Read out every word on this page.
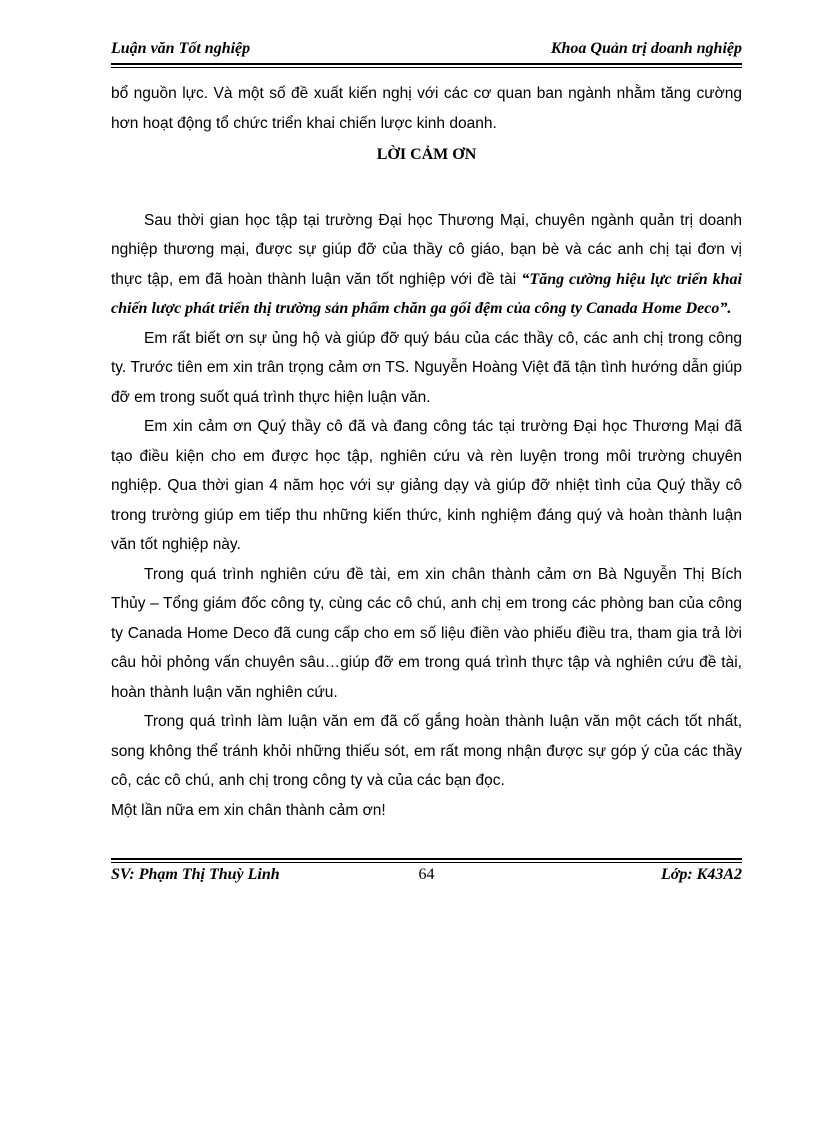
Luận văn Tốt nghiệp	Khoa Quản trị doanh nghiệp

bổ nguồn lực. Và một số đề xuất kiến nghị với các cơ quan ban ngành nhằm tăng cường hơn hoạt động tổ chức triển khai chiến lược kinh doanh.

LỜI CẢM ƠN

Sau thời gian học tập tại trường Đại học Thương Mại, chuyên ngành quản trị doanh nghiệp thương mại, được sự giúp đỡ của thầy cô giáo, bạn bè và các anh chị tại đơn vị thực tập, em đã hoàn thành luận văn tốt nghiệp với đề tài “Tăng cường hiệu lực triển khai chiến lược phát triển thị trường sản phẩm chăn ga gối đệm của công ty Canada Home Deco”.

Em rất biết ơn sự ủng hộ và giúp đỡ quý báu của các thầy cô, các anh chị trong công ty. Trước tiên em xin trân trọng cảm ơn TS. Nguyễn Hoàng Việt đã tận tình hướng dẫn giúp đỡ em trong suốt quá trình thực hiện luận văn.

Em xin cảm ơn Quý thầy cô đã và đang công tác tại trường Đại học Thương Mại đã tạo điều kiện cho em được học tập, nghiên cứu và rèn luyện trong môi trường chuyên nghiệp. Qua thời gian 4 năm học với sự giảng dạy và giúp đỡ nhiệt tình của Quý thầy cô trong trường giúp em tiếp thu những kiến thức, kinh nghiệm đáng quý và hoàn thành luận văn tốt nghiệp này.

Trong quá trình nghiên cứu đề tài, em xin chân thành cảm ơn Bà Nguyễn Thị Bích Thủy – Tổng giám đốc công ty, cùng các cô chú, anh chị em trong các phòng ban của công ty Canada Home Deco đã cung cấp cho em số liệu điền vào phiếu điều tra, tham gia trả lời câu hỏi phỏng vấn chuyên sâu…giúp đỡ em trong quá trình thực tập và nghiên cứu đề tài, hoàn thành luận văn nghiên cứu.

Trong quá trình làm luận văn em đã cố gắng hoàn thành luận văn một cách tốt nhất, song không thể tránh khỏi những thiếu sót, em rất mong nhận được sự góp ý của các thầy cô, các cô chú, anh chị trong công ty và của các bạn đọc.

Một lần nữa em xin chân thành cảm ơn!

SV: Phạm Thị Thuỳ Linh	64	Lớp: K43A2
